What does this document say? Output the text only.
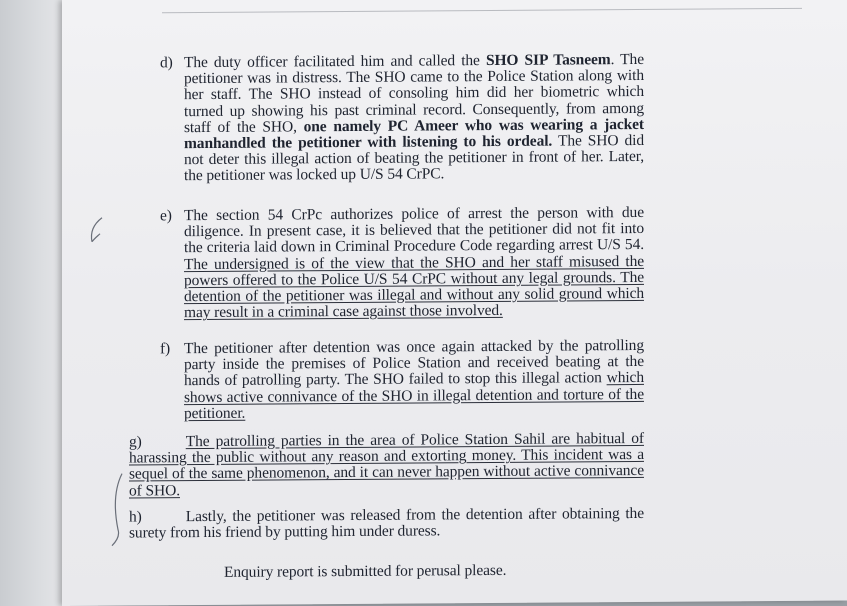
d) The duty officer facilitated him and called the SHO SIP Tasneem. The petitioner was in distress. The SHO came to the Police Station along with her staff. The SHO instead of consoling him did her biometric which turned up showing his past criminal record. Consequently, from among staff of the SHO, one namely PC Ameer who was wearing a jacket manhandled the petitioner with listening to his ordeal. The SHO did not deter this illegal action of beating the petitioner in front of her. Later, the petitioner was locked up U/S 54 CrPC.
e) The section 54 CrPc authorizes police of arrest the person with due diligence. In present case, it is believed that the petitioner did not fit into the criteria laid down in Criminal Procedure Code regarding arrest U/S 54. The undersigned is of the view that the SHO and her staff misused the powers offered to the Police U/S 54 CrPC without any legal grounds. The detention of the petitioner was illegal and without any solid ground which may result in a criminal case against those involved.
f) The petitioner after detention was once again attacked by the patrolling party inside the premises of Police Station and received beating at the hands of patrolling party. The SHO failed to stop this illegal action which shows active connivance of the SHO in illegal detention and torture of the petitioner.
g)	The patrolling parties in the area of Police Station Sahil are habitual of harassing the public without any reason and extorting money. This incident was a sequel of the same phenomenon, and it can never happen without active connivance of SHO.
h)	Lastly, the petitioner was released from the detention after obtaining the surety from his friend by putting him under duress.
Enquiry report is submitted for perusal please.
